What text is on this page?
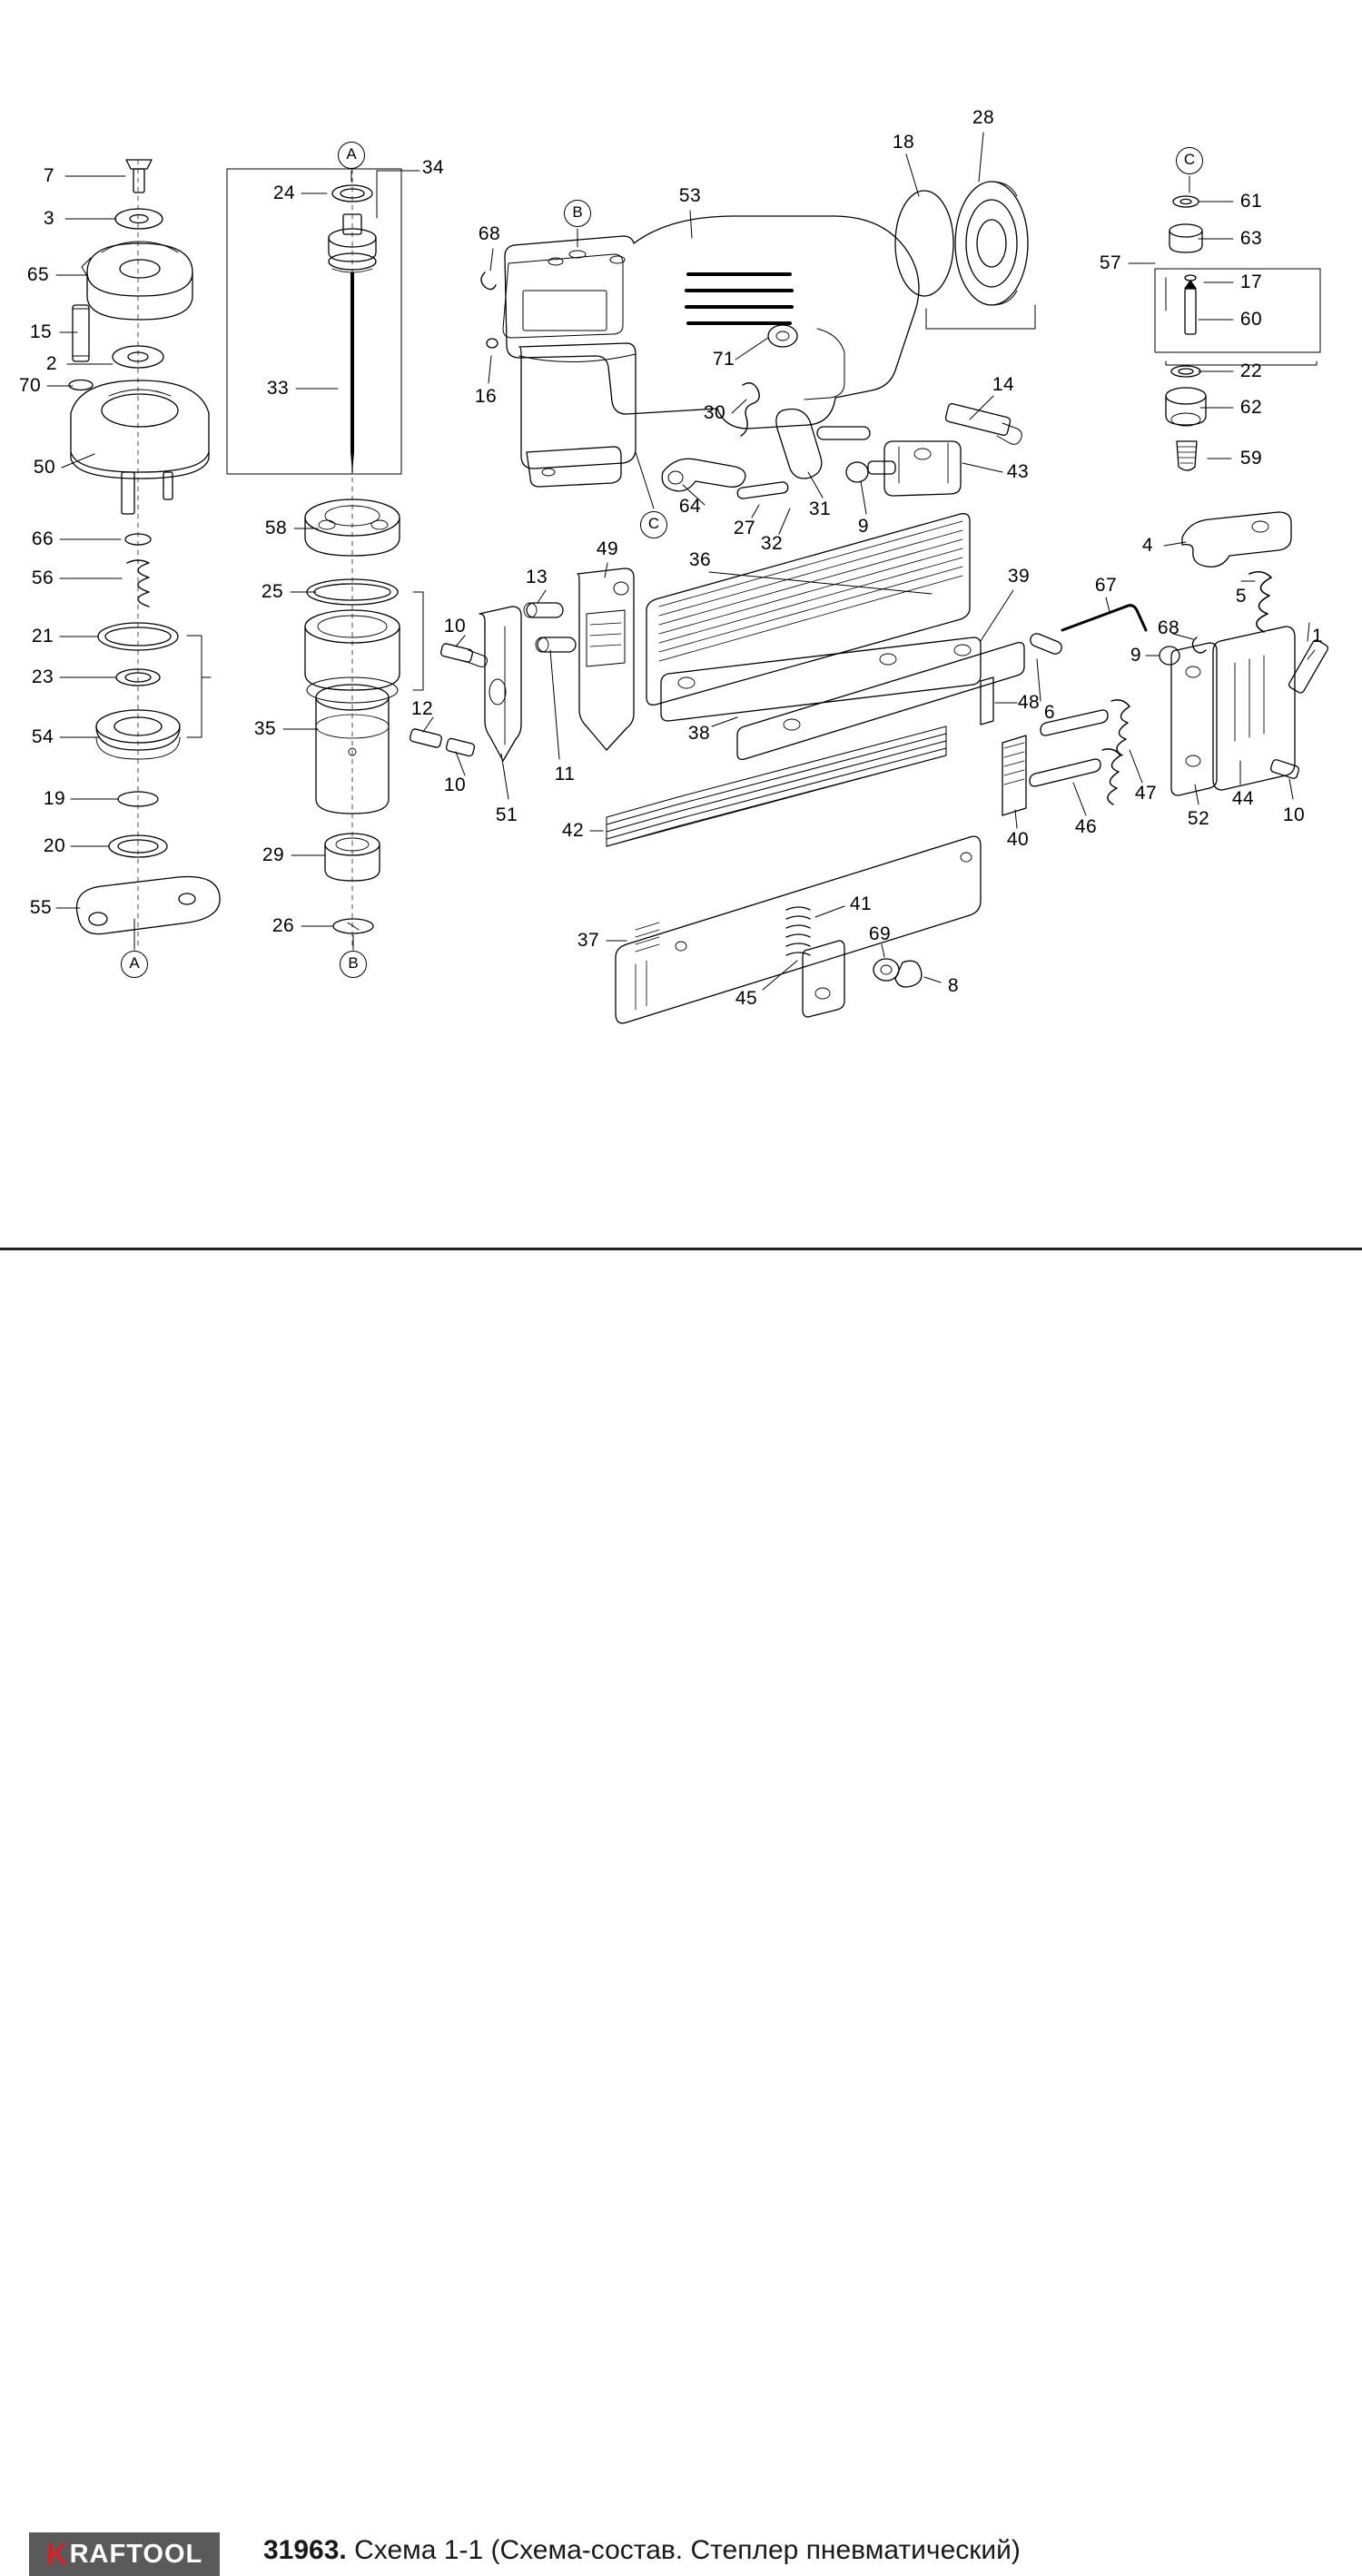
A
B
C
C
A	B
7
3
65
15
2
70
50
66
56
21
23
54
19
20
55
24
34
33
58
25
35
29
26
68
16
53
18
28
71
30
64
27
32
31
9
43
14
57
61
63
17
60
22
62
59
4
5
1
13
49
10
12
10
11
51
36
38
39
6
48
67
68
9
47
46
40
52
44
10
42
37
41
45
69
8
K RAFTOOL 31963. Схема 1-1 (Схема-состав. Степлер пневматический)
